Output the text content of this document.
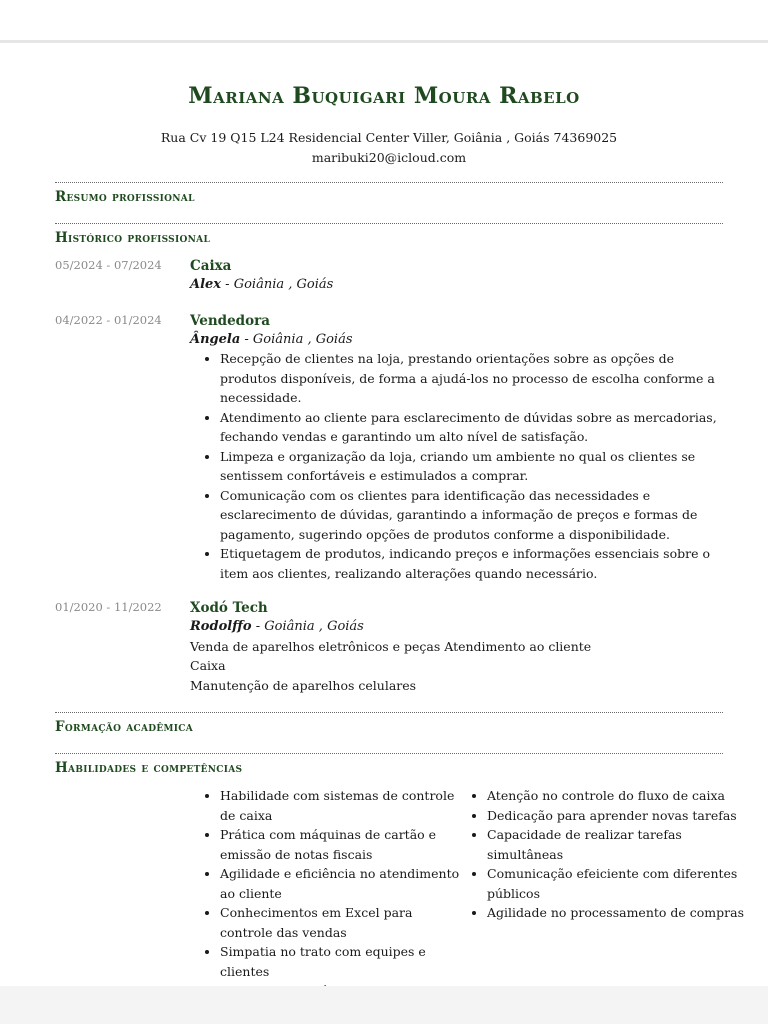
Mariana Buquigari Moura Rabelo
Rua Cv 19 Q15 L24 Residencial Center Viller, Goiânia , Goiás 74369025
maribuki20@icloud.com
Resumo profissional
Histórico profissional
05/2024 - 07/2024 Caixa
Alex - Goiânia , Goiás
04/2022 - 01/2024 Vendedora
Ângela - Goiânia , Goiás
• Recepção de clientes na loja, prestando orientações sobre as opções de produtos disponíveis, de forma a ajudá-los no processo de escolha conforme a necessidade.
• Atendimento ao cliente para esclarecimento de dúvidas sobre as mercadorias, fechando vendas e garantindo um alto nível de satisfação.
• Limpeza e organização da loja, criando um ambiente no qual os clientes se sentissem confortáveis e estimulados a comprar.
• Comunicação com os clientes para identificação das necessidades e esclarecimento de dúvidas, garantindo a informação de preços e formas de pagamento, sugerindo opções de produtos conforme a disponibilidade.
• Etiquetagem de produtos, indicando preços e informações essenciais sobre o item aos clientes, realizando alterações quando necessário.
01/2020 - 11/2022 Xodó Tech
Rodolffo - Goiânia , Goiás
Venda de aparelhos eletrônicos e peças Atendimento ao cliente
Caixa
Manutenção de aparelhos celulares
Formação acadêmica
Habilidades e competências
• Habilidade com sistemas de controle de caixa
• Prática com máquinas de cartão e emissão de notas fiscais
• Agilidade e eficiência no atendimento ao cliente
• Conhecimentos em Excel para controle das vendas
• Simpatia no trato com equipes e clientes
•
• Atenção no controle do fluxo de caixa
• Dedicação para aprender novas tarefas
• Capacidade de realizar tarefas simultâneas
• Comunicação efeiciente com diferentes públicos
• Agilidade no processamento de compras
